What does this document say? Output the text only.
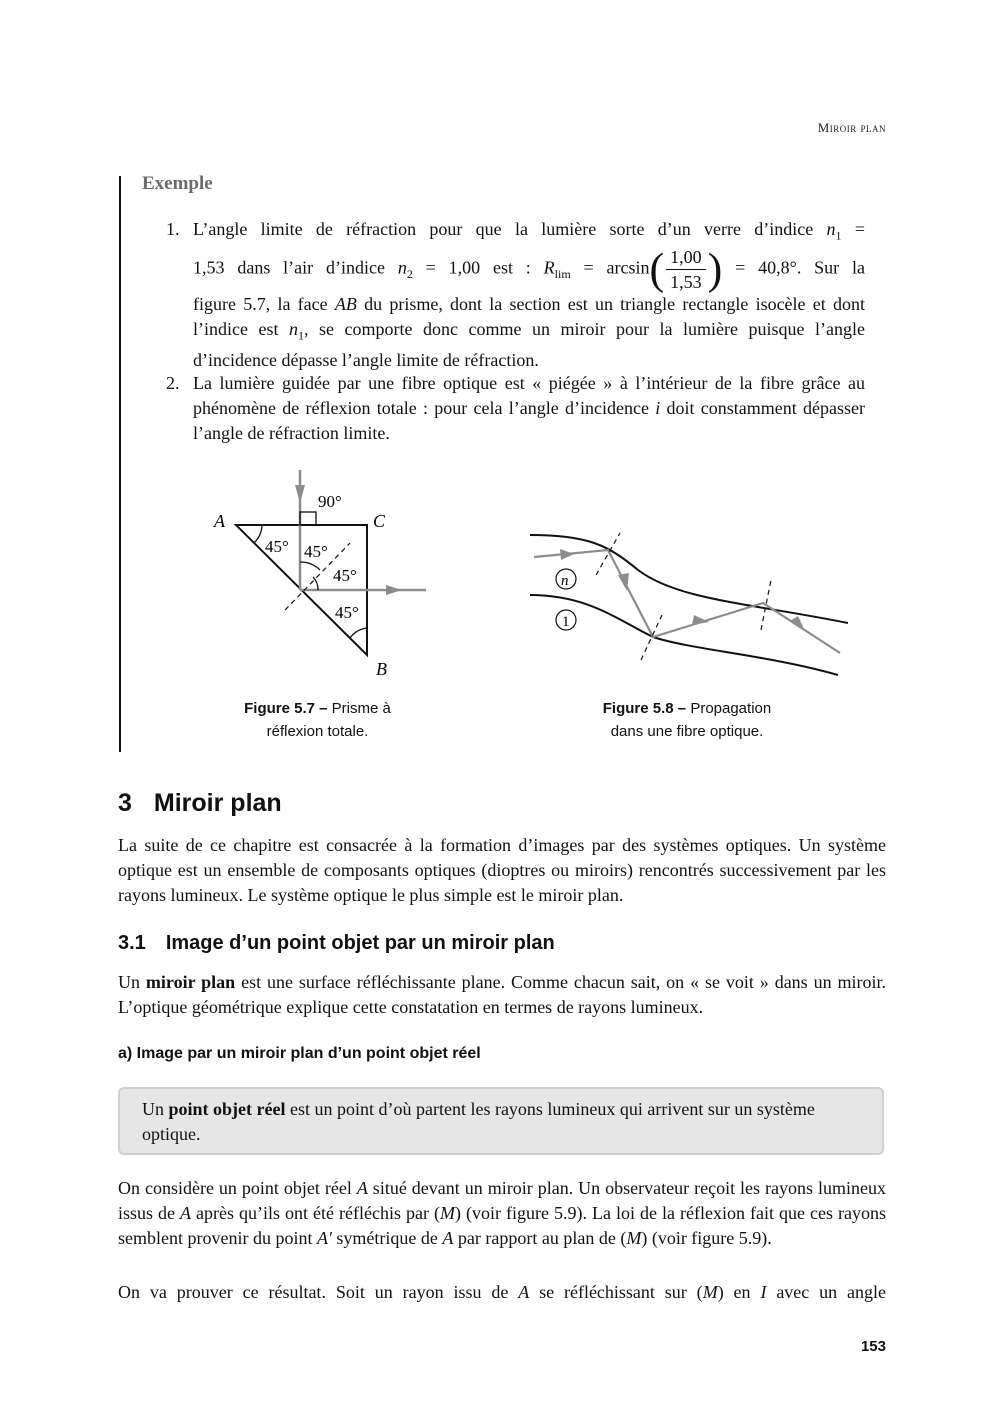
Miroir plan
Exemple
1. L’angle limite de réfraction pour que la lumière sorte d’un verre d’indice $n_1$ =
1,53 dans l’air d’indice $n_2 = 1,00$ est : $R_{lim} = \arcsin( \frac{1,00}{1,53}$ ) = 40,8°. Sur la
figure 5.7, la face AB du prisme, dont la section est un triangle rectangle isocèle et dont l’indice est $n_1$, se comporte donc comme un miroir pour la lumière puisque l’angle d’incidence dépasse l’angle limite de réfraction.
2. La lumière guidée par une fibre optique est « piégée » à l’intérieur de la fibre grâce au phénomène de réflexion totale : pour cela l’angle d’incidence i doit constamment dépasser l’angle de réfraction limite.
A	C
B
90°
45° 45°
45°
45°
Figure 5.7 – Prisme à
réflexion totale.
n
1
Figure 5.8 – Propagation
dans une fibre optique.
3 Miroir plan
La suite de ce chapitre est consacrée à la formation d’images par des systèmes optiques. Un système optique est un ensemble de composants optiques (dioptres ou miroirs) rencontrés successivement par les rayons lumineux. Le système optique le plus simple est le miroir plan.
3.1 Image d’un point objet par un miroir plan
Un miroir plan est une surface réfléchissante plane. Comme chacun sait, on « se voit » dans un miroir. L’optique géométrique explique cette constatation en termes de rayons lumineux.
a) Image par un miroir plan d’un point objet réel
Un point objet réel est un point d’où partent les rayons lumineux qui arrivent sur un système optique.
On considère un point objet réel A situé devant un miroir plan. Un observateur reçoit les rayons lumineux issus de A après qu’ils ont été réfléchis par (M) (voir figure 5.9). La loi de la réflexion fait que ces rayons semblent provenir du point A′ symétrique de A par rapport au plan de (M) (voir figure 5.9).
On va prouver ce résultat. Soit un rayon issu de A se réfléchissant sur (M) en I avec un angle
153
